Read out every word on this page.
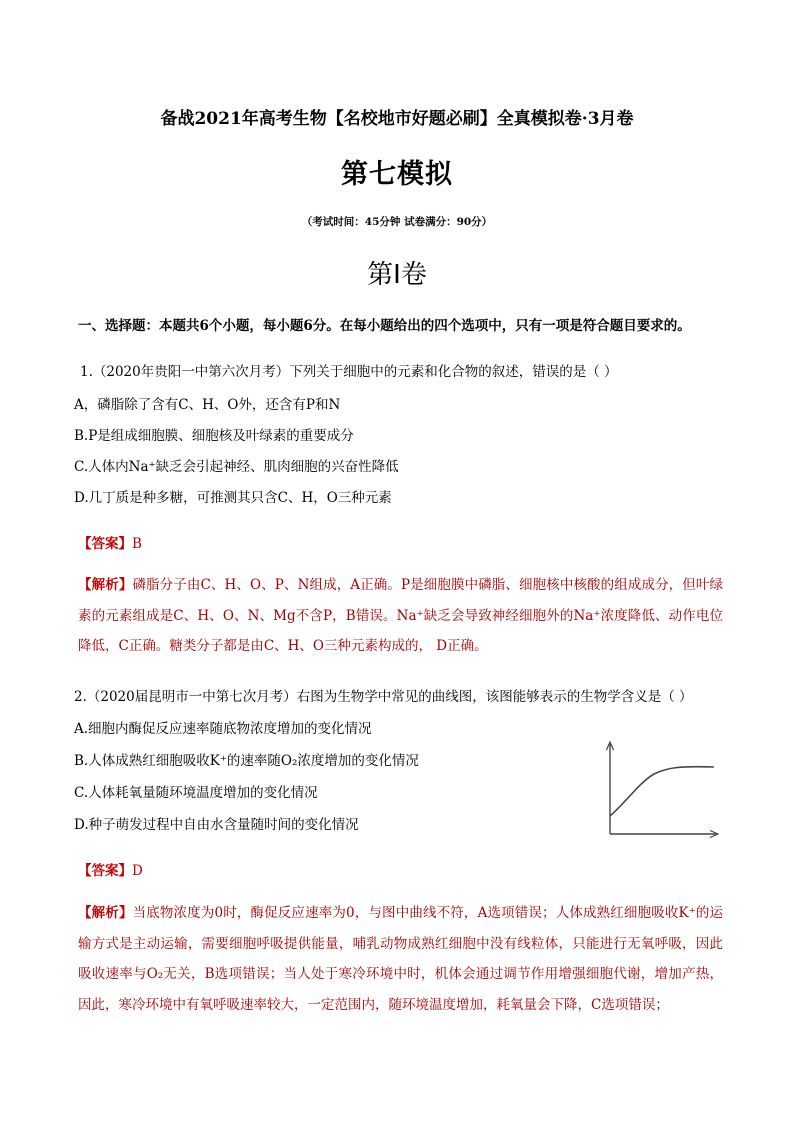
备战2021年高考生物【名校地市好题必刷】全真模拟卷·3月卷
第七模拟
（考试时间：45分钟 试卷满分：90分）
第Ⅰ卷
一、选择题：本题共6个小题，每小题6分。在每小题给出的四个选项中，只有一项是符合题目要求的。
1.（2020年贵阳一中第六次月考）下列关于细胞中的元素和化合物的叙述，错误的是（ ）
A，磷脂除了含有C、H、O外，还含有P和N
B.P是组成细胞膜、细胞核及叶绿素的重要成分
C.人体内Na⁺缺乏会引起神经、肌肉细胞的兴奋性降低
D.几丁质是种多糖，可推测其只含C、H，O三种元素
【答案】B
【解析】磷脂分子由C、H、O、P、N组成，A正确。P是细胞膜中磷脂、细胞核中核酸的组成成分，但叶绿素的元素组成是C、H、O、N、Mg不含P，B错误。Na⁺缺乏会导致神经细胞外的Na⁺浓度降低、动作电位降低，C正确。糖类分子都是由C、H、O三种元素构成的， D正确。
2.（2020届昆明市一中第七次月考）右图为生物学中常见的曲线图，该图能够表示的生物学含义是（ ）
A.细胞内酶促反应速率随底物浓度增加的变化情况
B.人体成熟红细胞吸收K⁺的速率随O₂浓度增加的变化情况
C.人体耗氧量随环境温度增加的变化情况
D.种子萌发过程中自由水含量随时间的变化情况
【答案】D
【解析】当底物浓度为0时，酶促反应速率为0，与图中曲线不符，A选项错误；人体成熟红细胞吸收K⁺的运输方式是主动运输，需要细胞呼吸提供能量，哺乳动物成熟红细胞中没有线粒体，只能进行无氧呼吸，因此吸收速率与O₂无关，B选项错误；当人处于寒冷环境中时，机体会通过调节作用增强细胞代谢，增加产热，因此，寒冷环境中有氧呼吸速率较大，一定范围内，随环境温度增加，耗氧量会下降，C选项错误；
